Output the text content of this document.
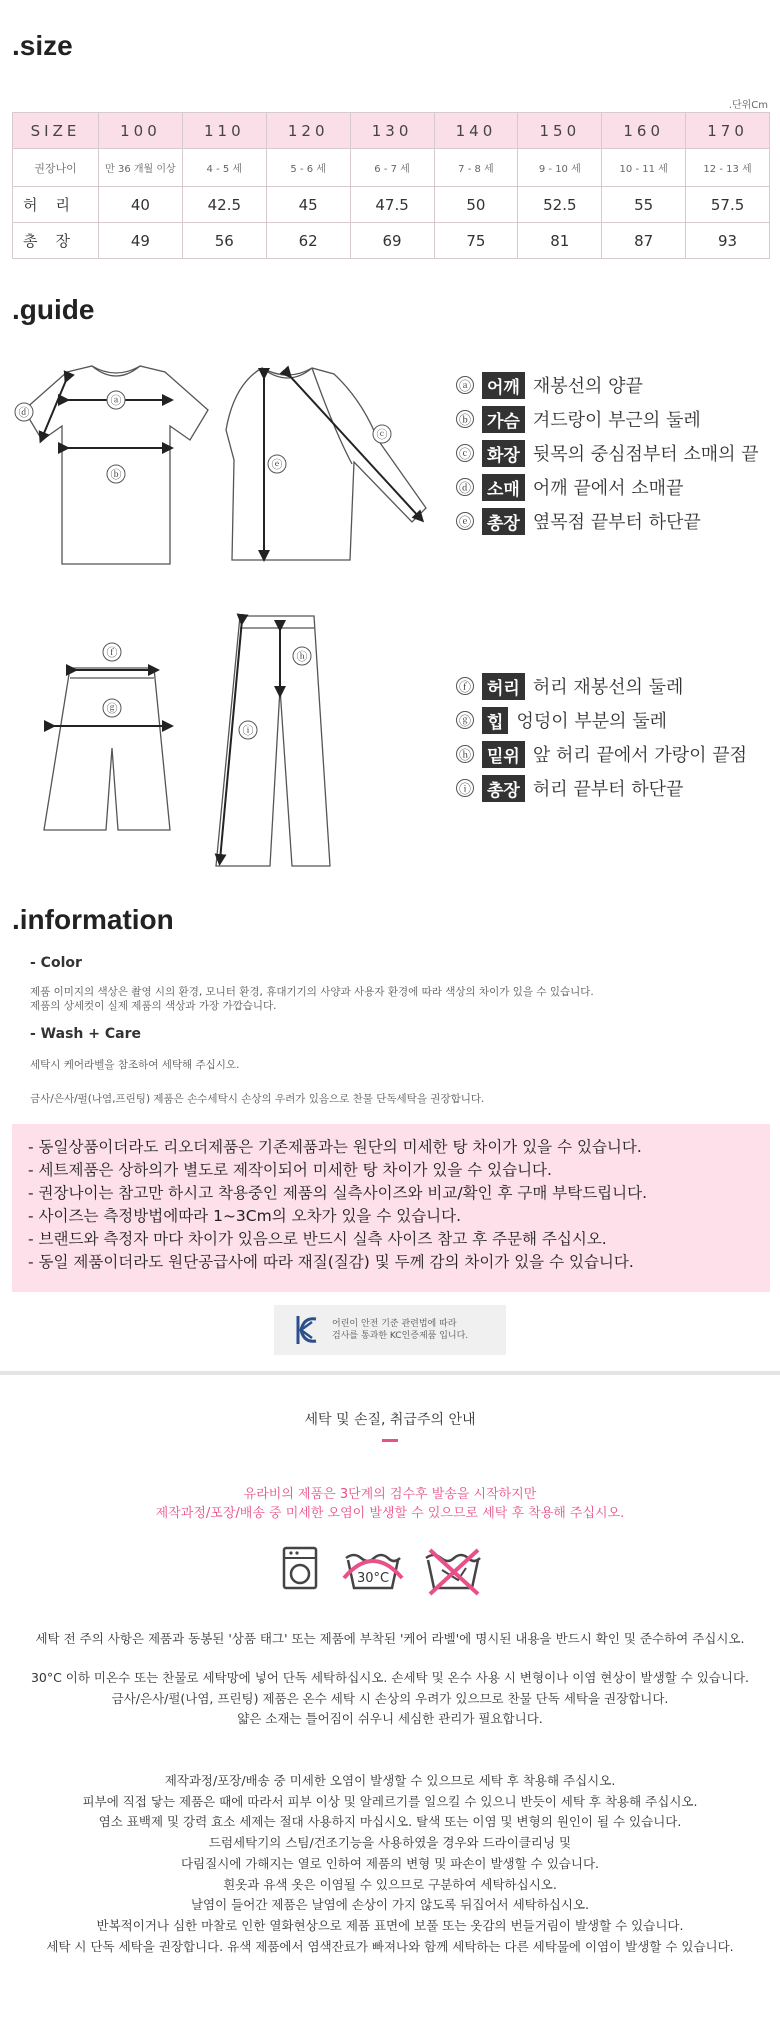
.size
.단위Cm
SIZE	100	110	120	130	140	150	160	170
권장나이	만 36 개월 이상	4 - 5 세	5 - 6 세	6 - 7 세	7 - 8 세	9 - 10 세	10 - 11 세	12 - 13 세
허리	40	42.5	45	47.5	50	52.5	55	57.5
총장	49	56	62	69	75	81	87	93
.guide
ⓐ
ⓑ
ⓓ
ⓔ
ⓒ
ⓐ 어깨 재봉선의 양끝
ⓑ 가슴 겨드랑이 부근의 둘레
ⓒ 화장 뒷목의 중심점부터 소매의 끝
ⓓ 소매 어깨 끝에서 소매끝
ⓔ 총장 옆목점 끝부터 하단끝
ⓕ
ⓖ
ⓗ
ⓘ
ⓕ 허리 허리 재봉선의 둘레
ⓖ 힙 엉덩이 부분의 둘레
ⓗ 밑위 앞 허리 끝에서 가랑이 끝점
ⓘ 총장 허리 끝부터 하단끝
.information
- Color
제품 이미지의 색상은 촬영 시의 환경, 모니터 환경, 휴대기기의 사양과 사용자 환경에 따라 색상의 차이가 있을 수 있습니다.
제품의 상세컷이 실제 제품의 색상과 가장 가깝습니다.
- Wash + Care
세탁시 케어라벨을 참조하여 세탁해 주십시오.
금사/은사/펄(나염,프린팅) 제품은 손수세탁시 손상의 우려가 있음으로 찬물 단독세탁을 권장합니다.
- 동일상품이더라도 리오더제품은 기존제품과는 원단의 미세한 탕 차이가 있을 수 있습니다.
- 세트제품은 상하의가 별도로 제작이되어 미세한 탕 차이가 있을 수 있습니다.
- 권장나이는 참고만 하시고 착용중인 제품의 실측사이즈와 비교/확인 후 구매 부탁드립니다.
- 사이즈는 측정방법에따라 1~3Cm의 오차가 있을 수 있습니다.
- 브랜드와 측정자 마다 차이가 있음으로 반드시 실측 사이즈 참고 후 주문해 주십시오.
- 동일 제품이더라도 원단공급사에 따라 재질(질감) 및 두께 감의 차이가 있을 수 있습니다.
어린이 안전 기준 관련법에 따라
검사를 통과한 KC인증제품 입니다.
세탁 및 손질, 취급주의 안내
유라비의 제품은 3단계의 검수후 발송을 시작하지만
제작과정/포장/배송 중 미세한 오염이 발생할 수 있으므로 세탁 후 착용해 주십시오.
30°C
세탁 전 주의 사항은 제품과 동봉된 '상품 태그' 또는 제품에 부착된 '케어 라벨'에 명시된 내용을 반드시 확인 및 준수하여 주십시오.
30°C 이하 미온수 또는 찬물로 세탁망에 넣어 단독 세탁하십시오. 손세탁 및 온수 사용 시 변형이나 이염 현상이 발생할 수 있습니다.
금사/은사/펄(나염, 프린팅) 제품은 온수 세탁 시 손상의 우려가 있으므로 찬물 단독 세탁을 권장합니다.
얇은 소재는 틀어짐이 쉬우니 세심한 관리가 필요합니다.
제작과정/포장/배송 중 미세한 오염이 발생할 수 있으므로 세탁 후 착용해 주십시오.
피부에 직접 닿는 제품은 때에 따라서 피부 이상 및 알레르기를 일으킬 수 있으니 반듯이 세탁 후 착용해 주십시오.
염소 표백제 및 강력 효소 세제는 절대 사용하지 마십시오. 탈색 또는 이염 및 변형의 원인이 될 수 있습니다.
드럼세탁기의 스팀/건조기능을 사용하였을 경우와 드라이클리닝 및
다림질시에 가해지는 열로 인하여 제품의 변형 및 파손이 발생할 수 있습니다.
흰옷과 유색 옷은 이염될 수 있으므로 구분하여 세탁하십시오.
날염이 들어간 제품은 날염에 손상이 가지 않도록 뒤집어서 세탁하십시오.
반복적이거나 심한 마찰로 인한 열화현상으로 제품 표면에 보풀 또는 옷감의 번들거림이 발생할 수 있습니다.
세탁 시 단독 세탁을 권장합니다. 유색 제품에서 염색잔료가 빠져나와 함께 세탁하는 다른 세탁물에 이염이 발생할 수 있습니다.
